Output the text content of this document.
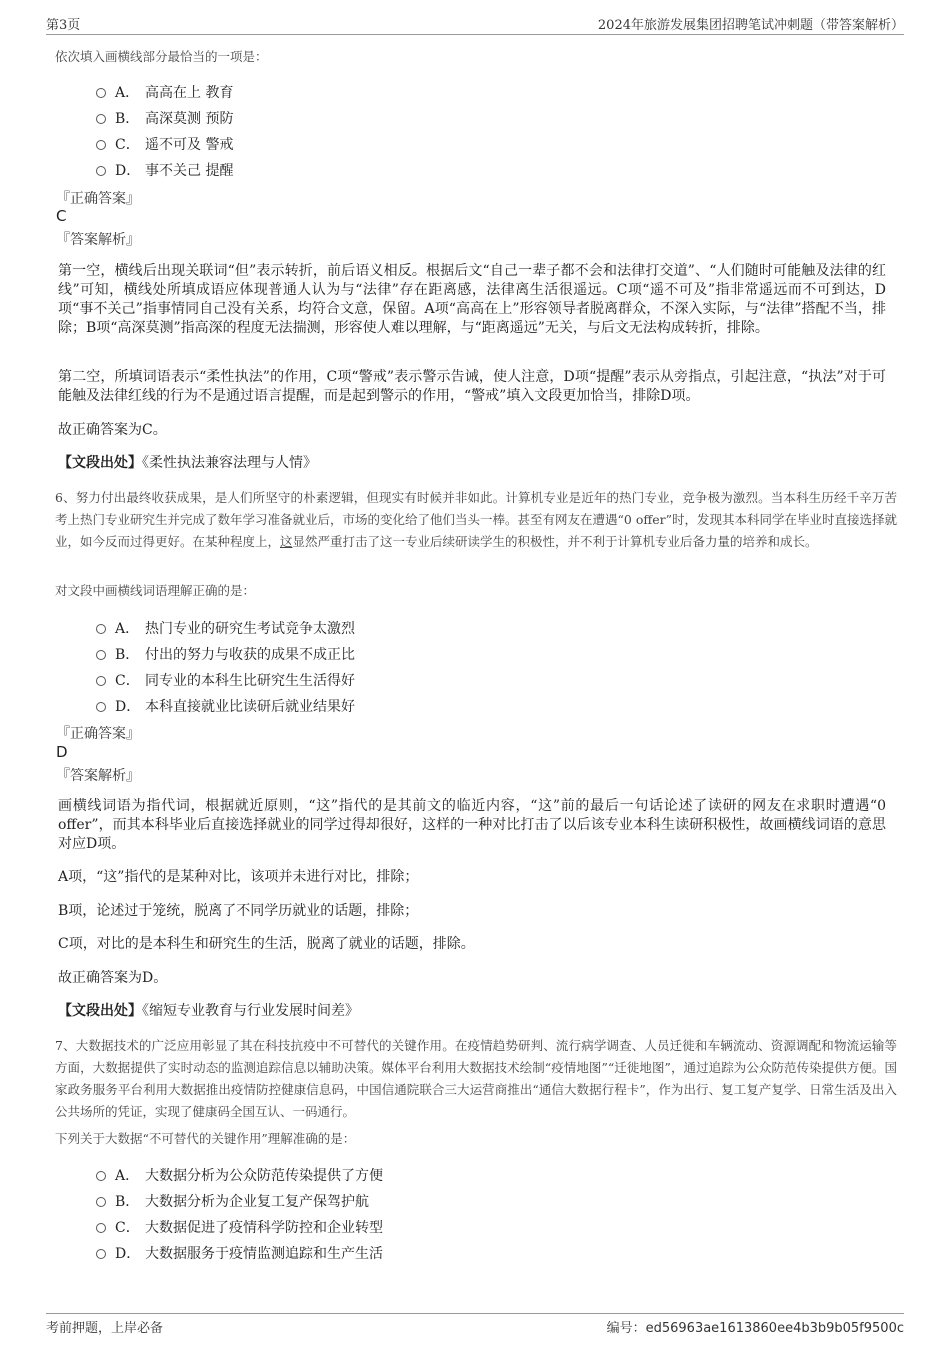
第3页	2024年旅游发展集团招聘笔试冲刺题（带答案解析）
依次填入画横线部分最恰当的一项是：
A． 高高在上 教育
B． 高深莫测 预防
C． 遥不可及 警戒
D． 事不关己 提醒
『正确答案』
C
『答案解析』
第一空，横线后出现关联词“但”表示转折，前后语义相反。根据后文“自己一辈子都不会和法律打交道”、“人们随时可能触及法律的红线”可知，横线处所填成语应体现普通人认为与“法律”存在距离感，法律离生活很遥远。C项“遥不可及”指非常遥远而不可到达，D项“事不关己”指事情同自己没有关系，均符合文意，保留。A项“高高在上”形容领导者脱离群众，不深入实际，与“法律”搭配不当，排除；B项“高深莫测”指高深的程度无法揣测，形容使人难以理解，与“距离遥远”无关，与后文无法构成转折，排除。
第二空，所填词语表示“柔性执法”的作用，C项“警戒”表示警示告诫，使人注意，D项“提醒”表示从旁指点，引起注意，“执法”对于可能触及法律红线的行为不是通过语言提醒，而是起到警示的作用，“警戒”填入文段更加恰当，排除D项。
故正确答案为C。
【文段出处】《柔性执法兼容法理与人情》
6、努力付出最终收获成果，是人们所坚守的朴素逻辑，但现实有时候并非如此。计算机专业是近年的热门专业，竞争极为激烈。当本科生历经千辛万苦考上热门专业研究生并完成了数年学习准备就业后，市场的变化给了他们当头一棒。甚至有网友在遭遇“0 offer”时，发现其本科同学在毕业时直接选择就业，如今反而过得更好。在某种程度上，这显然严重打击了这一专业后续研读学生的积极性，并不利于计算机专业后备力量的培养和成长。
对文段中画横线词语理解正确的是：
A． 热门专业的研究生考试竞争太激烈
B． 付出的努力与收获的成果不成正比
C． 同专业的本科生比研究生生活得好
D． 本科直接就业比读研后就业结果好
『正确答案』
D
『答案解析』
画横线词语为指代词，根据就近原则，“这”指代的是其前文的临近内容，“这”前的最后一句话论述了读研的网友在求职时遭遇“0 offer”，而其本科毕业后直接选择就业的同学过得却很好，这样的一种对比打击了以后该专业本科生读研积极性，故画横线词语的意思对应D项。
A项，“这”指代的是某种对比，该项并未进行对比，排除；
B项，论述过于笼统，脱离了不同学历就业的话题，排除；
C项，对比的是本科生和研究生的生活，脱离了就业的话题，排除。
故正确答案为D。
【文段出处】《缩短专业教育与行业发展时间差》
7、大数据技术的广泛应用彰显了其在科技抗疫中不可替代的关键作用。在疫情趋势研判、流行病学调查、人员迁徙和车辆流动、资源调配和物流运输等方面，大数据提供了实时动态的监测追踪信息以辅助决策。媒体平台利用大数据技术绘制“疫情地图”“迁徙地图”，通过追踪为公众防范传染提供方便。国家政务服务平台利用大数据推出疫情防控健康信息码，中国信通院联合三大运营商推出“通信大数据行程卡”，作为出行、复工复产复学、日常生活及出入公共场所的凭证，实现了健康码全国互认、一码通行。
下列关于大数据“不可替代的关键作用”理解准确的是：
A． 大数据分析为公众防范传染提供了方便
B． 大数据分析为企业复工复产保驾护航
C． 大数据促进了疫情科学防控和企业转型
D． 大数据服务于疫情监测追踪和生产生活
考前押题，上岸必备	编号：ed56963ae1613860ee4b3b9b05f9500c
